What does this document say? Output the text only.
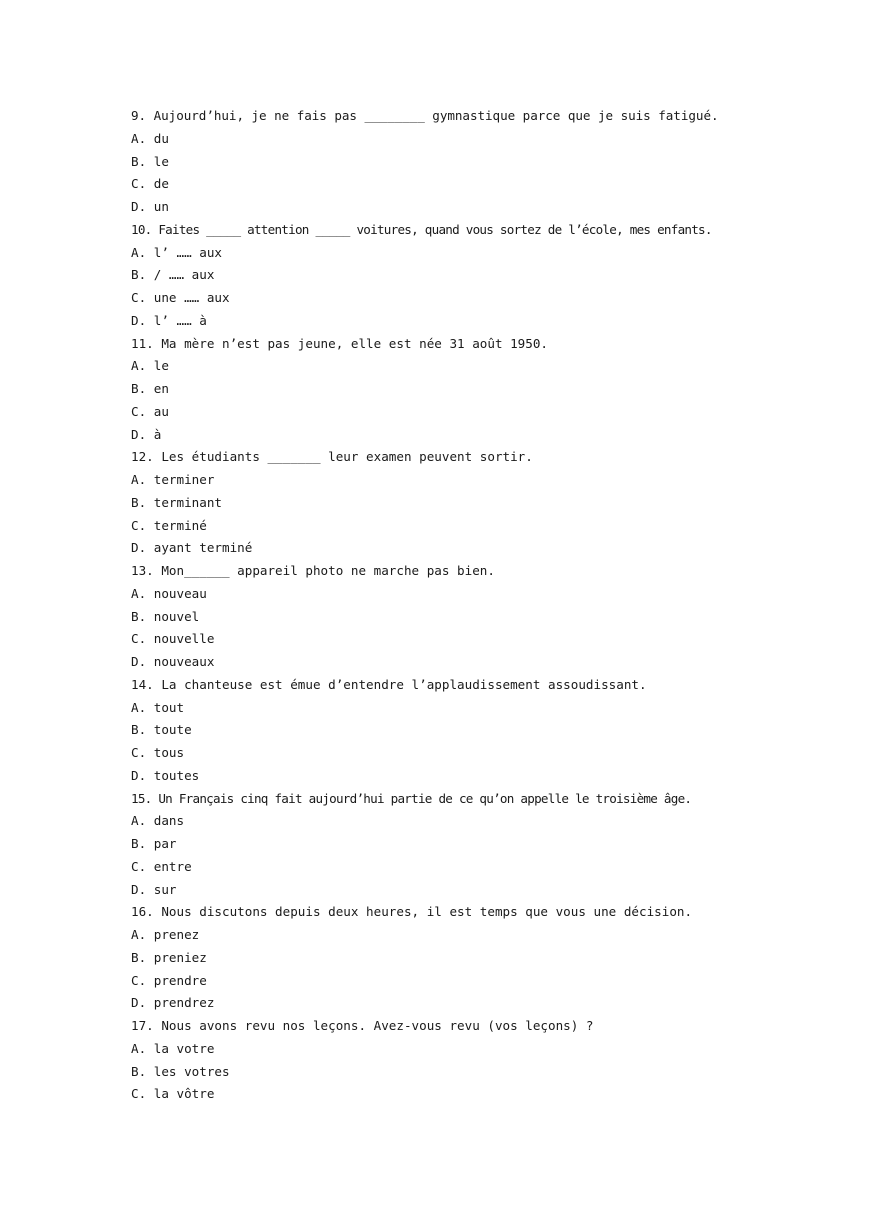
9. Aujourd’hui, je ne fais pas ________ gymnastique parce que je suis fatigué.
A. du
B. le
C. de
D. un
10. Faites _____ attention _____ voitures, quand vous sortez de l’école, mes enfants.
A. l’ …… aux
B. / …… aux
C. une …… aux
D. l’ …… à
11. Ma mère n’est pas jeune, elle est née 31 août 1950.
A. le
B. en
C. au
D. à
12. Les étudiants _______ leur examen peuvent sortir.
A. terminer
B. terminant
C. terminé
D. ayant terminé
13. Mon______ appareil photo ne marche pas bien.
A. nouveau
B. nouvel
C. nouvelle
D. nouveaux
14. La chanteuse est émue d’entendre l’applaudissement assoudissant.
A. tout
B. toute
C. tous
D. toutes
15. Un Français cinq fait aujourd’hui partie de ce qu’on appelle le troisième âge.
A. dans
B. par
C. entre
D. sur
16. Nous discutons depuis deux heures, il est temps que vous une décision.
A. prenez
B. preniez
C. prendre
D. prendrez
17. Nous avons revu nos leçons. Avez-vous revu (vos leçons) ?
A. la votre
B. les votres
C. la vôtre
